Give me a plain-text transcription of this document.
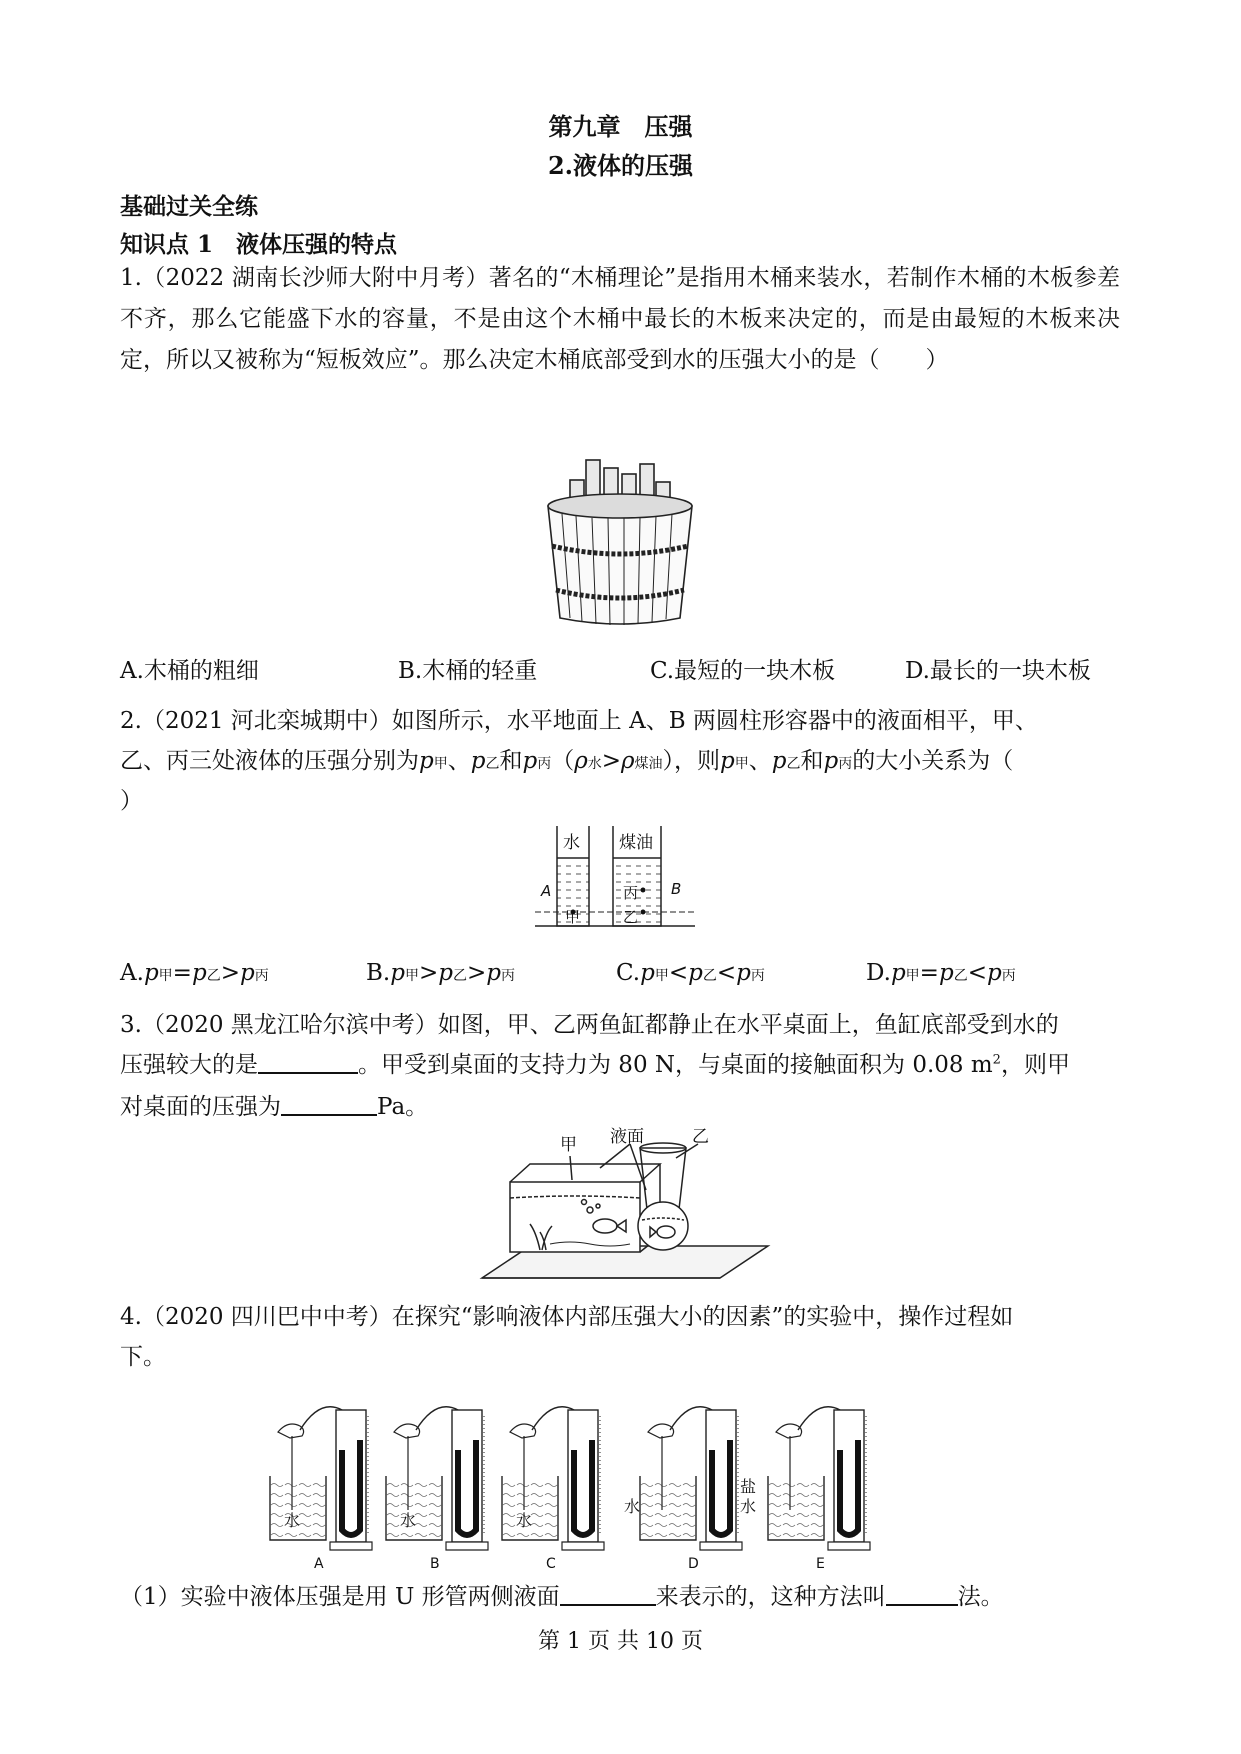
第九章　压强
2.液体的压强
基础过关全练
知识点 1　液体压强的特点
1.（2022 湖南长沙师大附中月考）著名的“木桶理论”是指用木桶来装水，若制作木桶的木板参差不齐，那么它能盛下水的容量，不是由这个木桶中最长的木板来决定的，而是由最短的木板来决定，所以又被称为“短板效应”。那么决定木桶底部受到水的压强大小的是（　　）
A.木桶的粗细	B.木桶的轻重	C.最短的一块木板	D.最长的一块木板
2.（2021 河北栾城期中）如图所示，水平地面上 A、B 两圆柱形容器中的液面相平，甲、
乙、丙三处液体的压强分别为p甲、p乙和p丙（ρ水>ρ煤油），则p甲、p乙和p丙的大小关系为（
）
水 煤油
A	B
甲	乙
丙
A.p甲=p乙>p丙	B.p甲>p乙>p丙	C.p甲<p乙<p丙	D.p甲=p乙<p丙
3.（2020 黑龙江哈尔滨中考）如图，甲、乙两鱼缸都静止在水平桌面上，鱼缸底部受到水的
压强较大的是	。甲受到桌面的支持力为 80 N，与桌面的接触面积为 0.08 $m^2$，则甲
对桌面的压强为	Pa。
甲 液面	乙
4.（2020 四川巴中中考）在探究“影响液体内部压强大小的因素”的实验中，操作过程如
下。
水	水	水
水
盐
水
A	B	C	D	E
（1）实验中液体压强是用 U 形管两侧液面	来表示的，这种方法叫	法。
第 1 页 共 10 页
